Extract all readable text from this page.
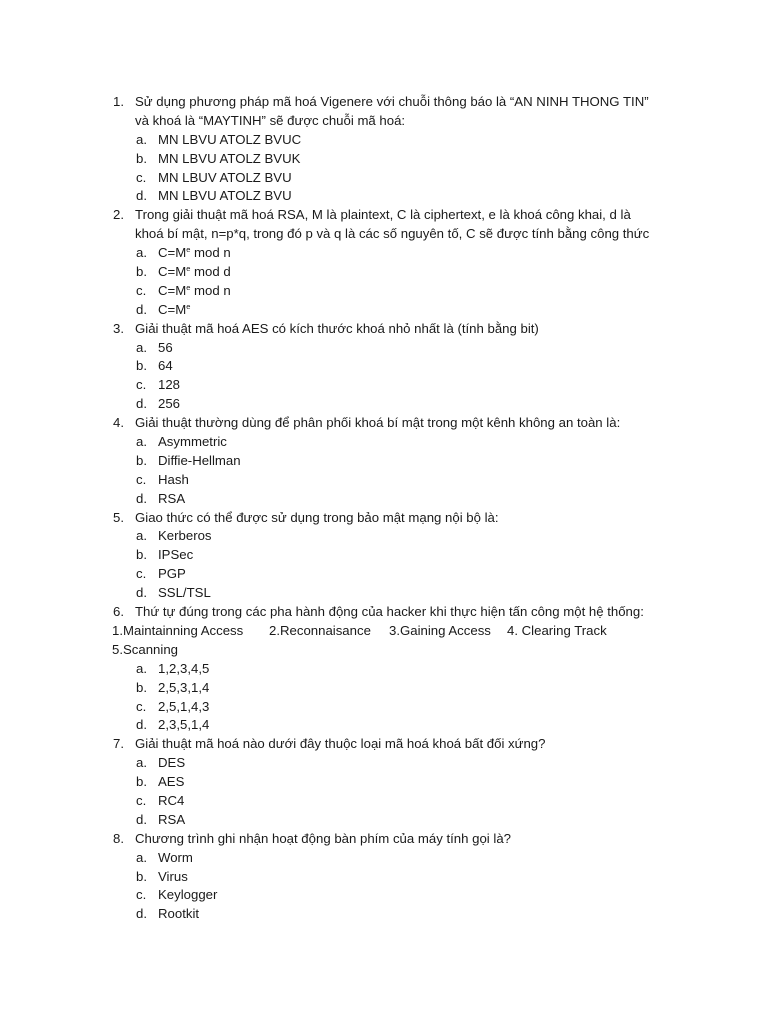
1. Sử dụng phương pháp mã hoá Vigenere với chuỗi thông báo là “AN NINH THONG TIN”
và khoá là “MAYTINH” sẽ được chuỗi mã hoá:
a. MN LBVU ATOLZ BVUC
b. MN LBVU ATOLZ BVUK
c. MN LBUV ATOLZ BVU
d. MN LBVU ATOLZ BVU
2. Trong giải thuật mã hoá RSA, M là plaintext, C là ciphertext, e là khoá công khai, d là
khoá bí mật, n=p*q, trong đó p và q là các số nguyên tố, C sẽ được tính bằng công thức
a. $C=M^e$ mod n
b. $C=M^e$ mod d
c. $C=M^e$ mod n
d. $C=M^e$
3. Giải thuật mã hoá AES có kích thước khoá nhỏ nhất là (tính bằng bit)
a. 56
b. 64
c. 128
d. 256
4. Giải thuật thường dùng để phân phối khoá bí mật trong một kênh không an toàn là:
a. Asymmetric
b. Diffie-Hellman
c. Hash
d. RSA
5. Giao thức có thể được sử dụng trong bảo mật mạng nội bộ là:
a. Kerberos
b. IPSec
c. PGP
d. SSL/TSL
6. Thứ tự đúng trong các pha hành động của hacker khi thực hiện tấn công một hệ thống:
1.Maintainning Access 2.Reconnaisance 3.Gaining Access 4. Clearing Track
5.Scanning
a. 1,2,3,4,5
b. 2,5,3,1,4
c. 2,5,1,4,3
d. 2,3,5,1,4
7. Giải thuật mã hoá nào dưới đây thuộc loại mã hoá khoá bất đối xứng?
a. DES
b. AES
c. RC4
d. RSA
8. Chương trình ghi nhận hoạt động bàn phím của máy tính gọi là?
a. Worm
b. Virus
c. Keylogger
d. Rootkit
